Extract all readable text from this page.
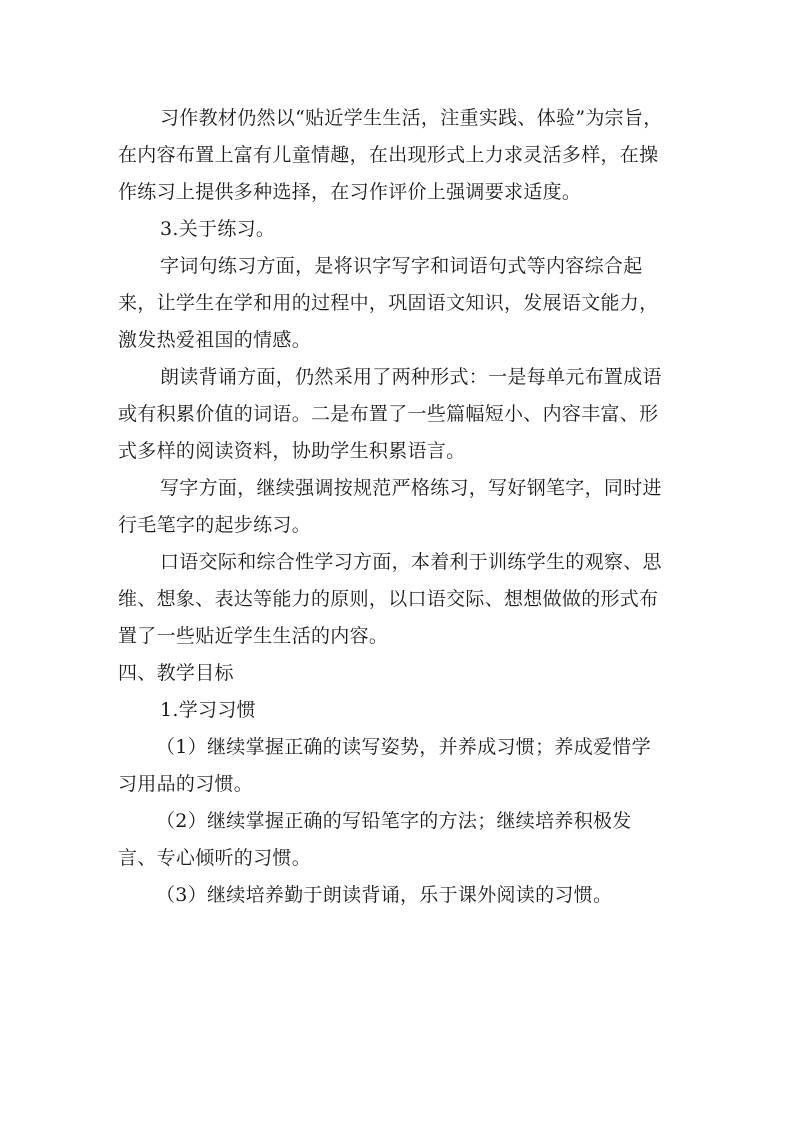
习作教材仍然以“贴近学生生活，注重实践、体验”为宗旨，在内容布置上富有儿童情趣，在出现形式上力求灵活多样，在操作练习上提供多种选择，在习作评价上强调要求适度。

3.关于练习。

字词句练习方面，是将识字写字和词语句式等内容综合起来，让学生在学和用的过程中，巩固语文知识，发展语文能力，激发热爱祖国的情感。

朗读背诵方面，仍然采用了两种形式：一是每单元布置成语或有积累价值的词语。二是布置了一些篇幅短小、内容丰富、形式多样的阅读资料，协助学生积累语言。

写字方面，继续强调按规范严格练习，写好钢笔字，同时进行毛笔字的起步练习。

口语交际和综合性学习方面，本着利于训练学生的观察、思维、想象、表达等能力的原则，以口语交际、想想做做的形式布置了一些贴近学生生活的内容。

四、教学目标

1.学习习惯

（1）继续掌握正确的读写姿势，并养成习惯；养成爱惜学习用品的习惯。

（2）继续掌握正确的写铅笔字的方法；继续培养积极发言、专心倾听的习惯。

（3）继续培养勤于朗读背诵，乐于课外阅读的习惯。
